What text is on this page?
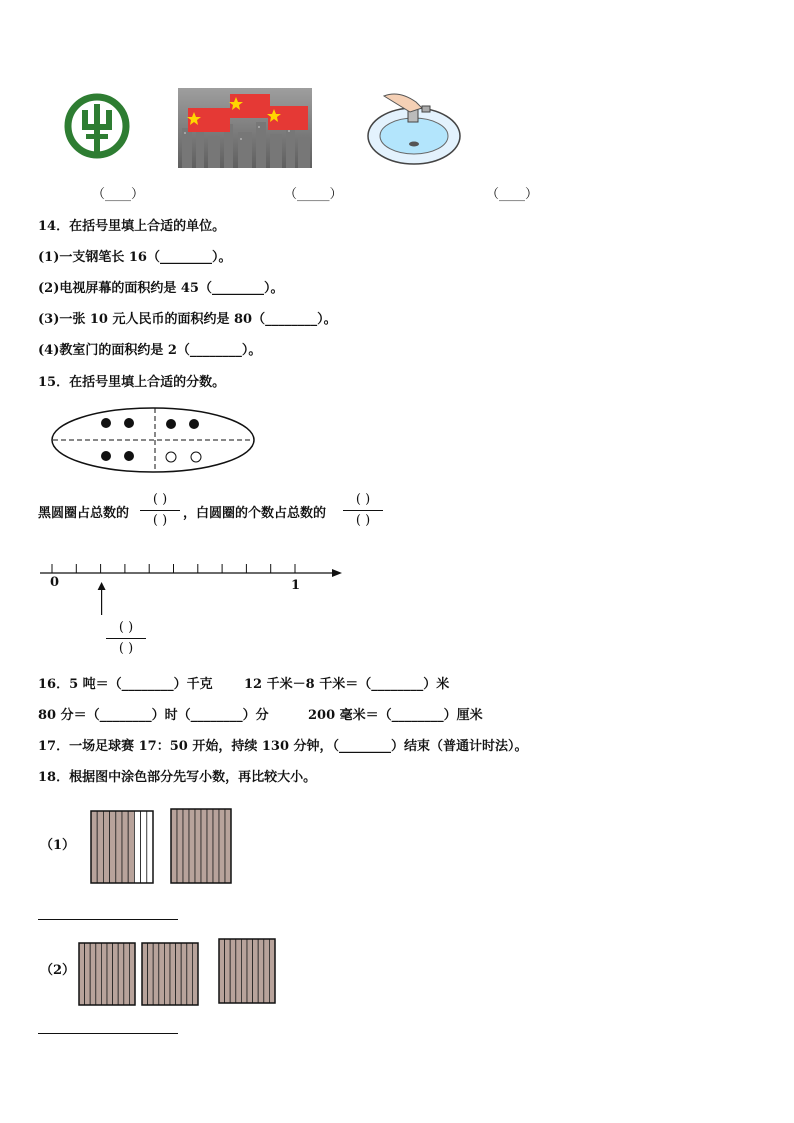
（____）	（_____）	（____）
14．在括号里填上合适的单位。
(1)一支钢笔长 16（________）。
(2)电视屏幕的面积约是 45（________）。
(3)一张 10 元人民币的面积约是 80（________）。
(4)教室门的面积约是 2（________）。
15．在括号里填上合适的分数。
黑圆圈占总数的
( )
( )	，白圆圈的个数占总数的
( )
( )
0	1
( )
( )
16．5 吨＝（________）千克 12 千米－8 千米＝（________）米
80 分＝（________）时（________）分	200 毫米＝（________）厘米
17．一场足球赛 17：50 开始，持续 130 分钟，（________）结束（普通计时法）。
18．根据图中涂色部分先写小数，再比较大小。
（1）
（2）
